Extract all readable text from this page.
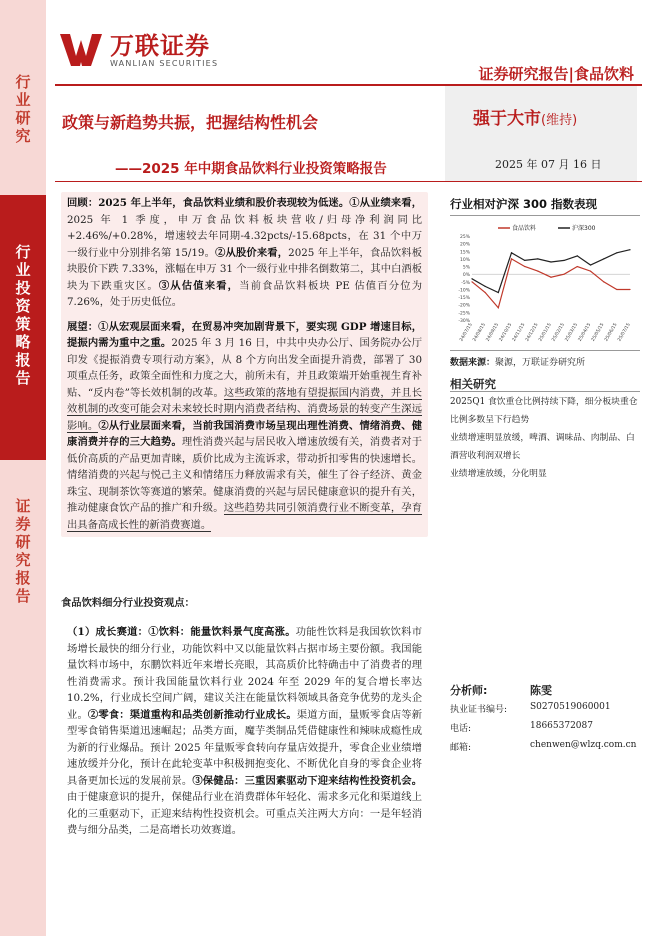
行
业
研
究
行
业
投
资
策
略
报
告
证
券
研
究
报
告
万联证券
WANLIAN SECURITIES
证券研究报告|食品饮料
强于大市(维持)
2025 年 07 月 16 日
政策与新趋势共振，把握结构性机会
——2025 年中期食品饮料行业投资策略报告

回顾：2025 年上半年，食品饮料业绩和股价表现较为低迷。①从业绩来看，2025 年 1 季度，申万食品饮料板块营收/归母净利润同比+2.46%/+0.28%，增速较去年同期-4.32pcts/-15.68pcts，在 31 个中万一级行业中分别排名第 15/19。②从股价来看，2025 年上半年，食品饮料板块股价下跌 7.33%，涨幅在申万 31 个一级行业中排名倒数第二，其中白酒板块为下跌重灾区。③从估值来看，当前食品饮料板块 PE 估值百分位为 7.26%，处于历史低位。

展望：①从宏观层面来看，在贸易冲突加剧背景下，要实现 GDP 增速目标，提振内需为重中之重。2025 年 3 月 16 日，中共中央办公厅、国务院办公厅印发《提振消费专项行动方案》，从 8 个方向出发全面提升消费，部署了 30 项重点任务，政策全面性和力度之大，前所未有，并且政策端开始重视生育补贴、“反内卷”等长效机制的改革。这些政策的落地有望提振国内消费，并且长效机制的改变可能会对未来较长时期内消费者结构、消费场景的转变产生深远影响。②从行业层面来看，当前我国消费市场呈现出理性消费、情绪消费、健康消费并存的三大趋势。理性消费兴起与居民收入增速放缓有关，消费者对于低价高质的产品更加青睐，质价比成为主流诉求，带动折扣零售的快速增长。情绪消费的兴起与悦己主义和情绪压力释放需求有关，催生了谷子经济、黄金珠宝、现制茶饮等赛道的繁荣。健康消费的兴起与居民健康意识的提升有关，推动健康食饮产品的推广和升级。这些趋势共同引领消费行业不断变革，孕育出具备高成长性的新消费赛道。

食品饮料细分行业投资观点：

（1）成长赛道：①饮料：能量饮料景气度高涨。功能性饮料是我国软饮料市场增长最快的细分行业，功能饮料中又以能量饮料占据市场主要份额。我国能量饮料市场中，东鹏饮料近年来增长亮眼，其高质价比特确击中了消费者的理性消费需求。预计我国能量饮料行业 2024 年至 2029 年的复合增长率达 10.2%，行业成长空间广阔，建议关注在能量饮料领域具备竞争优势的龙头企业。②零食：渠道重构和品类创新推动行业成长。渠道方面，量贩零食店等新型零食销售渠道迅速崛起；品类方面，魔芋类制品凭借健康性和辣味成瘾性成为新的行业爆品。预计 2025 年量贩零食转向存量店效提升，零食企业业绩增速放缓并分化，预计在此轮变革中积极拥抱变化、不断优化自身的零食企业将具备更加长远的发展前景。③保健品：三重因素驱动下迎来结构性投资机会。由于健康意识的提升，保健品行业在消费群体年轻化、需求多元化和渠道线上化的三重驱动下，正迎来结构性投资机会。可重点关注两大方向：一是年轻消费与细分品类，二是高增长功效赛道。

行业相对沪深 300 指数表现
25%
20%
15%
10%
5%
0%
-5%
-10%
-15%
-20%
-25%
-30%
24/07/15
24/08/15
24/09/15
24/10/15
24/11/15
24/12/15
25/01/15
25/02/15
25/03/15
25/04/15
25/05/15
25/06/15
25/07/15
食品饮料	沪深300
数据来源：聚源，万联证券研究所
相关研究
2025Q1 食饮重仓比例持续下降，细分板块重仓比例多数呈下行趋势
业绩增速明显放缓，啤酒、调味品、肉制品、白酒营收利润双增长
业绩增速放缓，分化明显
分析师:	陈雯
执业证书编号:	S0270519060001
电话:	18665372087
邮箱:	chenwen@wlzq.com.cn
